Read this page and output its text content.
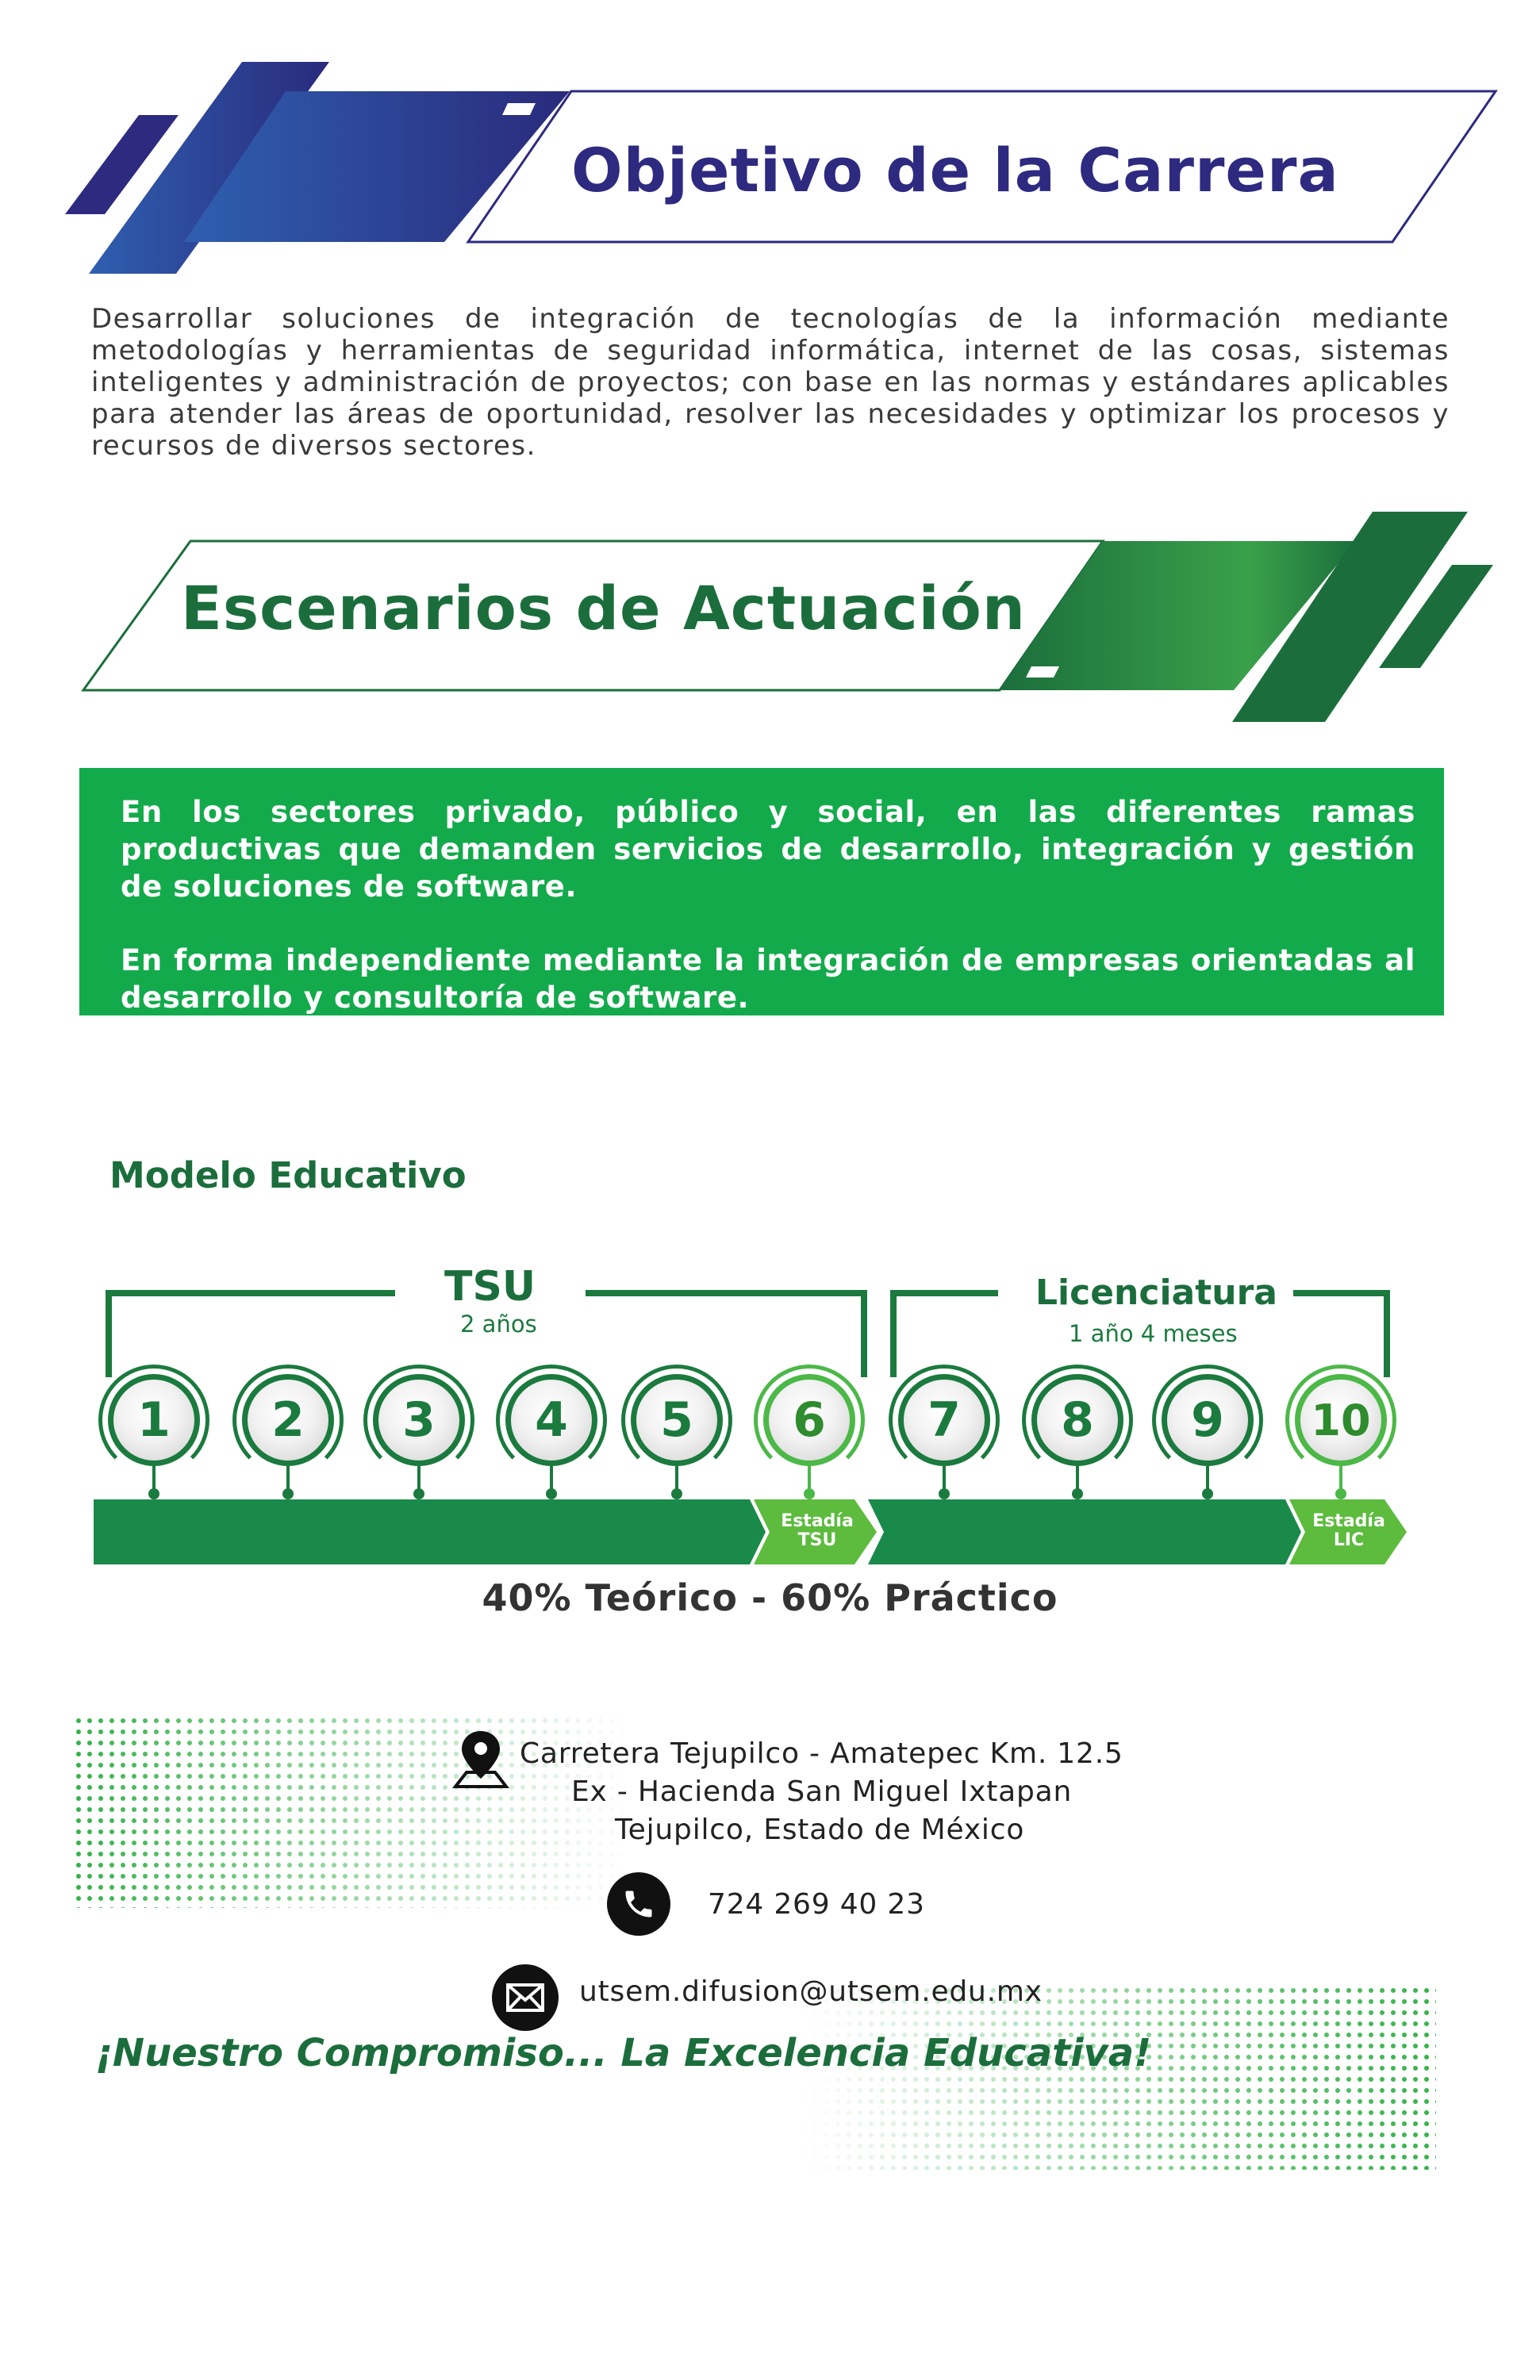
Objetivo de la Carrera
Desarrollar soluciones de integración de tecnologías de la información mediante metodologías y herramientas de seguridad informática, internet de las cosas, sistemas inteligentes y administración de proyectos; con base en las normas y estándares aplicables para atender las áreas de oportunidad, resolver las necesidades y optimizar los procesos y recursos de diversos sectores.
Escenarios de Actuación

En los sectores privado, público y social, en las diferentes ramas productivas que demanden servicios de desarrollo, integración y gestión de soluciones de software.

En forma independiente mediante la integración de empresas orientadas al desarrollo y consultoría de software.

Modelo Educativo
TSU
2 años
Licenciatura
1 año 4 meses
1	2	3	4	5	6	7	8	9	10
Estadía
TSU
Estadía
LIC
40% Teórico - 60% Práctico
Carretera Tejupilco - Amatepec Km. 12.5
Ex - Hacienda San Miguel Ixtapan
Tejupilco, Estado de México
724 269 40 23
utsem.difusion@utsem.edu.mx
¡Nuestro Compromiso... La Excelencia Educativa!
